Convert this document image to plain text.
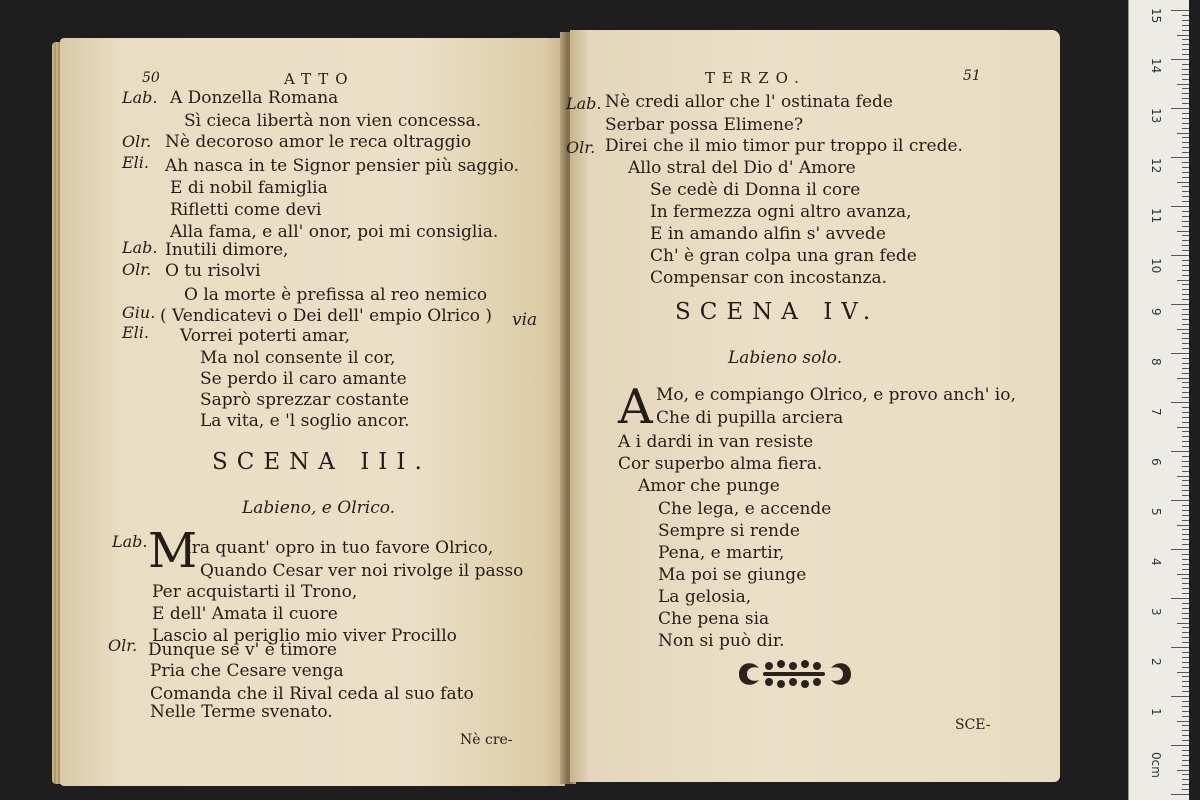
50	ATTO
Lab. A Donzella Romana
Sì cieca libertà non vien concessa.
Olr. Nè decoroso amor le reca oltraggio
Eli. Ah nasca in te Signor pensier più saggio.
E di nobil famiglia
Rifletti come devi
Alla fama, e all' onor, poi mi consiglia.
Lab. Inutili dimore,
Olr. O tu risolvi
O la morte è prefissa al reo nemico
Giu. ( Vendicatevi o Dei dell' empio Olrico ) via
Eli. Vorrei poterti amar,
Ma nol consente il cor,
Se perdo il caro amante
Saprò sprezzar costante
La vita, e 'l soglio ancor.
SCENA III.
Labieno, e Olrico.
Lab. M
Ira quant' opro in tuo favore Olrico,
Quando Cesar ver noi rivolge il passo
Per acquistarti il Trono,
E dell' Amata il cuore
Lascio al periglio mio viver Procillo
Olr. Dunque se v' è timore
Pria che Cesare venga
Comanda che il Rival ceda al suo fato
Nelle Terme svenato.
Nè cre-
TERZO.	51
Lab. Nè credi allor che l' ostinata fede
Serbar possa Elimene?
Olr. Direi che il mio timor pur troppo il crede.
Allo stral del Dio d' Amore
Se cedè di Donna il core
In fermezza ogni altro avanza,
E in amando alfin s' avvede
Ch' è gran colpa una gran fede
Compensar con incostanza.
SCENA IV.
Labieno solo.
A Mo, e compiango Olrico, e provo anch' io,
Che di pupilla arciera
A i dardi in van resiste
Cor superbo alma fiera.
Amor che punge
Che lega, e accende
Sempre si rende
Pena, e martir,
Ma poi se giunge
La gelosia,
Che pena sia
Non si può dir.
SCE-
15
14
13
12
11
10
9
8
7
6
5
4
3
2
1
0cm
